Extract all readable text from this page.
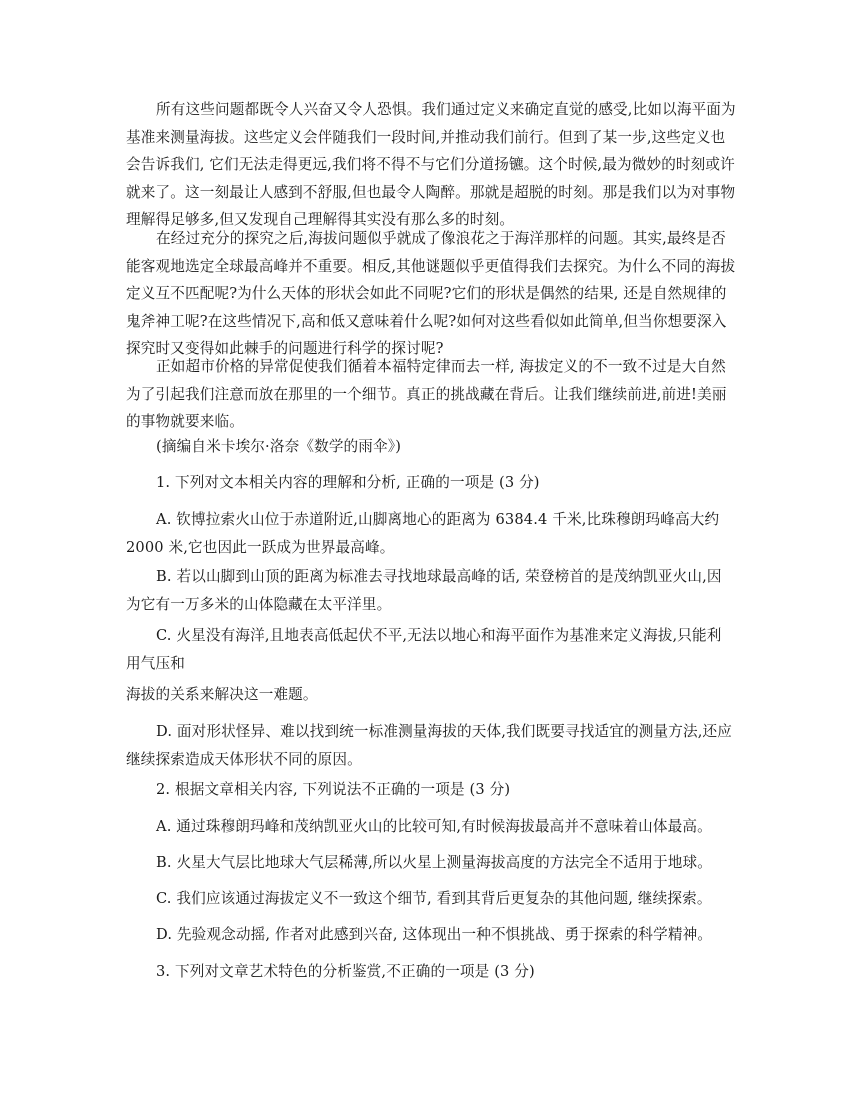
所有这些问题都既令人兴奋又令人恐惧。我们通过定义来确定直觉的感受,比如以海平面为基准来测量海拔。这些定义会伴随我们一段时间,并推动我们前行。但到了某一步,这些定义也会告诉我们, 它们无法走得更远,我们将不得不与它们分道扬镳。这个时候,最为微妙的时刻或许就来了。这一刻最让人感到不舒服,但也最令人陶醉。那就是超脱的时刻。那是我们以为对事物理解得足够多,但又发现自己理解得其实没有那么多的时刻。

在经过充分的探究之后,海拔问题似乎就成了像浪花之于海洋那样的问题。其实,最终是否能客观地选定全球最高峰并不重要。相反,其他谜题似乎更值得我们去探究。为什么不同的海拔定义互不匹配呢?为什么天体的形状会如此不同呢?它们的形状是偶然的结果, 还是自然规律的鬼斧神工呢?在这些情况下,高和低又意味着什么呢?如何对这些看似如此简单,但当你想要深入探究时又变得如此棘手的问题进行科学的探讨呢?

正如超市价格的异常促使我们循着本福特定律而去一样, 海拔定义的不一致不过是大自然为了引起我们注意而放在那里的一个细节。真正的挑战藏在背后。让我们继续前进,前进!美丽的事物就要来临。

(摘编自米卡埃尔·洛奈《数学的雨伞》)

1. 下列对文本相关内容的理解和分析, 正确的一项是 (3 分)

A. 钦博拉索火山位于赤道附近,山脚离地心的距离为 6384.4 千米,比珠穆朗玛峰高大约 2000 米,它也因此一跃成为世界最高峰。

B. 若以山脚到山顶的距离为标准去寻找地球最高峰的话, 荣登榜首的是茂纳凯亚火山,因为它有一万多米的山体隐藏在太平洋里。

C. 火星没有海洋,且地表高低起伏不平,无法以地心和海平面作为基准来定义海拔,只能利用气压和

海拔的关系来解决这一难题。

D. 面对形状怪异、难以找到统一标准测量海拔的天体,我们既要寻找适宜的测量方法,还应继续探索造成天体形状不同的原因。

2. 根据文章相关内容, 下列说法不正确的一项是 (3 分)

A. 通过珠穆朗玛峰和茂纳凯亚火山的比较可知,有时候海拔最高并不意味着山体最高。

B. 火星大气层比地球大气层稀薄,所以火星上测量海拔高度的方法完全不适用于地球。

C. 我们应该通过海拔定义不一致这个细节, 看到其背后更复杂的其他问题, 继续探索。

D. 先验观念动摇, 作者对此感到兴奋, 这体现出一种不惧挑战、勇于探索的科学精神。

3. 下列对文章艺术特色的分析鉴赏,不正确的一项是 (3 分)
